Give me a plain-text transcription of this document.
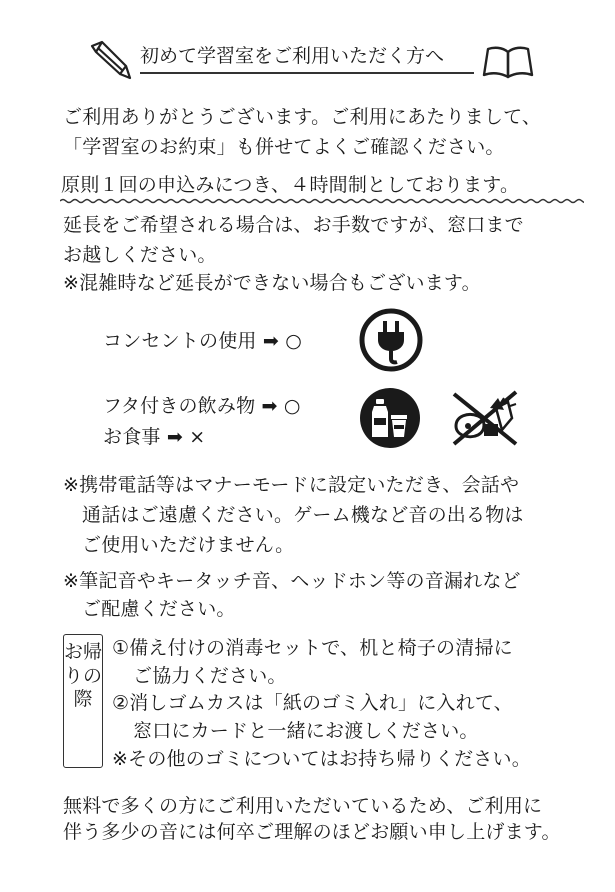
初めて学習室をご利用いただく方へ
ご利用ありがとうございます。ご利用にあたりまして、
「学習室のお約束」も併せてよくご確認ください。
原則１回の申込みにつき、４時間制としております。
延長をご希望される場合は、お手数ですが、窓口まで
お越しください。
※混雑時など延長ができない場合もございます。
コンセントの使用 ➡ ○
フタ付きの飲み物 ➡ ○
お食事 ➡ ×
※携帯電話等はマナーモードに設定いただき、会話や
通話はご遠慮ください。ゲーム機など音の出る物は
ご使用いただけません。
※筆記音やキータッチ音、ヘッドホン等の音漏れなど
ご配慮ください。
お帰りの際
①備え付けの消毒セットで、机と椅子の清掃に
ご協力ください。
②消しゴムカスは「紙のゴミ入れ」に入れて、
窓口にカードと一緒にお渡しください。
※その他のゴミについてはお持ち帰りください。
無料で多くの方にご利用いただいているため、ご利用に
伴う多少の音には何卒ご理解のほどお願い申し上げます。
